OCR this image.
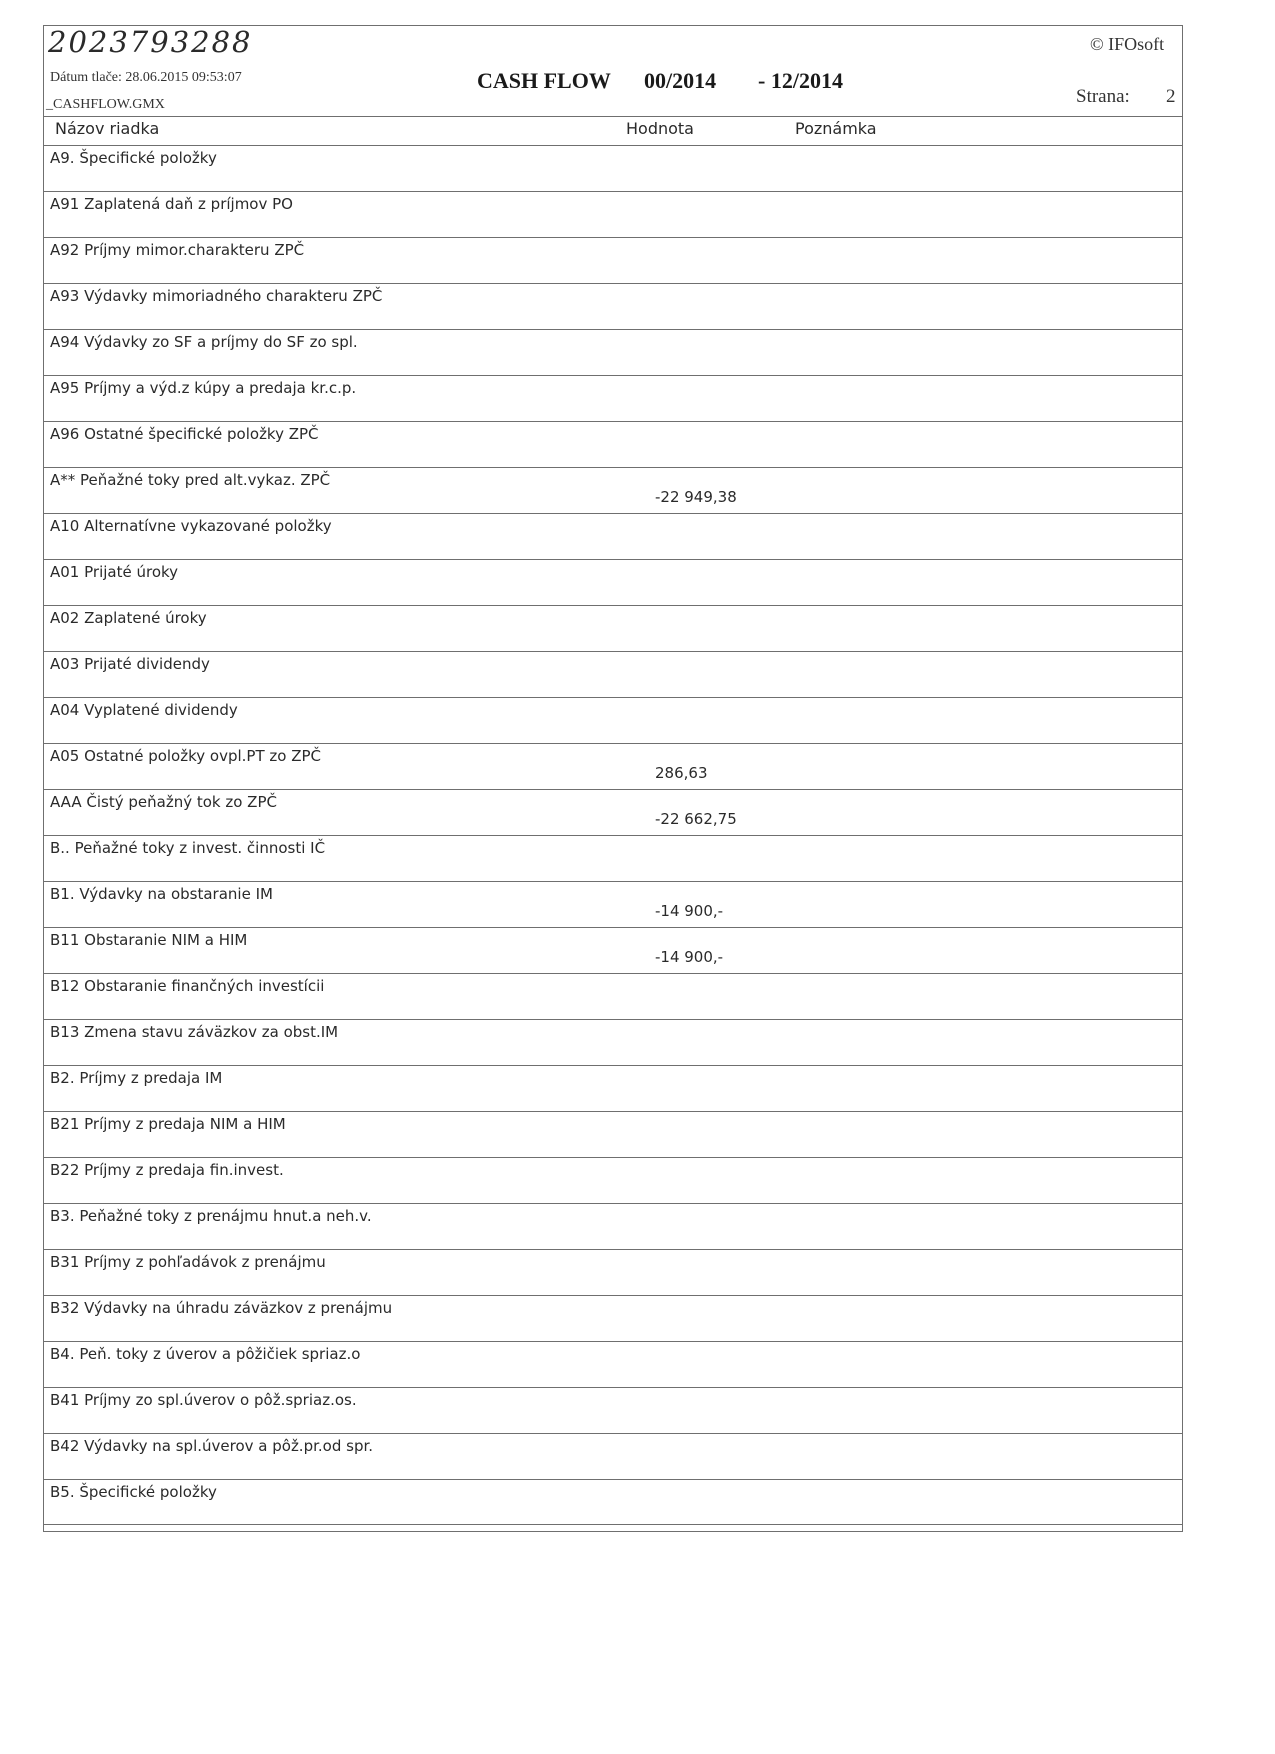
2023793288
Dátum tlače: 28.06.2015 09:53:07
_CASHFLOW.GMX
CASH FLOW 00/2014 - 12/2014
© IFOsoft
Strana: 2
Názov riadka	Hodnota	Poznámka
A9. Špecifické položky
A91 Zaplatená daň z príjmov PO
A92 Príjmy mimor.charakteru ZPČ
A93 Výdavky mimoriadného charakteru ZPČ
A94 Výdavky zo SF a príjmy do SF zo spl.
A95 Príjmy a výd.z kúpy a predaja kr.c.p.
A96 Ostatné špecifické položky ZPČ
A** Peňažné toky pred alt.vykaz. ZPČ
-22 949,38
A10 Alternatívne vykazované položky
A01 Prijaté úroky
A02 Zaplatené úroky
A03 Prijaté dividendy
A04 Vyplatené dividendy
A05 Ostatné položky ovpl.PT zo ZPČ
286,63
AAA Čistý peňažný tok zo ZPČ
-22 662,75
B.. Peňažné toky z invest. činnosti IČ
B1. Výdavky na obstaranie IM
-14 900,-
B11 Obstaranie NIM a HIM
-14 900,-
B12 Obstaranie finančných investícii
B13 Zmena stavu záväzkov za obst.IM
B2. Príjmy z predaja IM
B21 Príjmy z predaja NIM a HIM
B22 Príjmy z predaja fin.invest.
B3. Peňažné toky z prenájmu hnut.a neh.v.
B31 Príjmy z pohľadávok z prenájmu
B32 Výdavky na úhradu záväzkov z prenájmu
B4. Peň. toky z úverov a pôžičiek spriaz.o
B41 Príjmy zo spl.úverov o pôž.spriaz.os.
B42 Výdavky na spl.úverov a pôž.pr.od spr.
B5. Špecifické položky
